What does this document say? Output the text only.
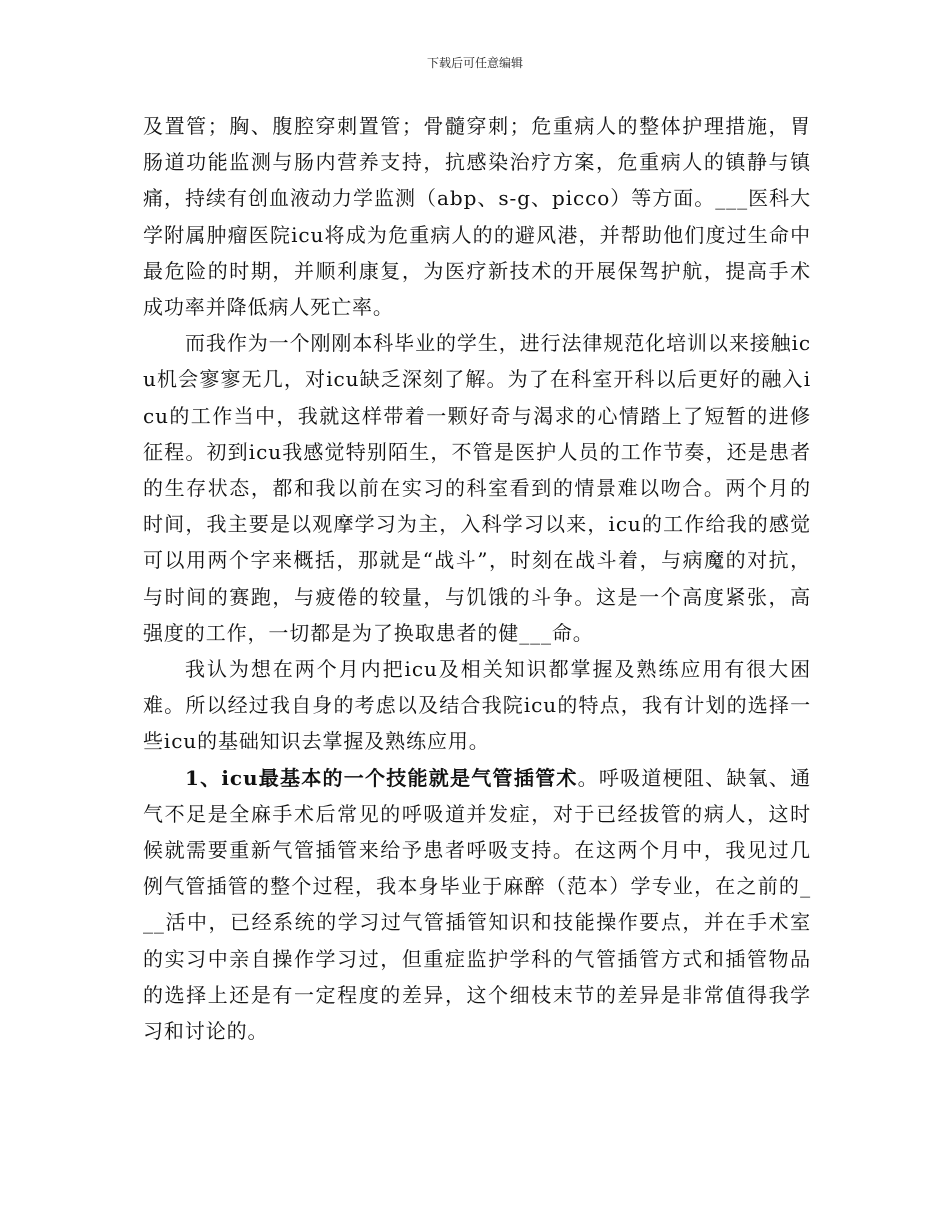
下载后可任意编辑

及置管；胸、腹腔穿刺置管；骨髓穿刺；危重病人的整体护理措施，胃肠道功能监测与肠内营养支持，抗感染治疗方案，危重病人的镇静与镇痛，持续有创血液动力学监测（abp、s-g、picco）等方面。___医科大学附属肿瘤医院icu将成为危重病人的的避风港，并帮助他们度过生命中最危险的时期，并顺利康复，为医疗新技术的开展保驾护航，提高手术成功率并降低病人死亡率。

而我作为一个刚刚本科毕业的学生，进行法律规范化培训以来接触icu机会寥寥无几，对icu缺乏深刻了解。为了在科室开科以后更好的融入icu的工作当中，我就这样带着一颗好奇与渴求的心情踏上了短暂的进修征程。初到icu我感觉特别陌生，不管是医护人员的工作节奏，还是患者的生存状态，都和我以前在实习的科室看到的情景难以吻合。两个月的时间，我主要是以观摩学习为主，入科学习以来，icu的工作给我的感觉可以用两个字来概括，那就是“战斗”，时刻在战斗着，与病魔的对抗，与时间的赛跑，与疲倦的较量，与饥饿的斗争。这是一个高度紧张，高强度的工作，一切都是为了换取患者的健___命。

我认为想在两个月内把icu及相关知识都掌握及熟练应用有很大困难。所以经过我自身的考虑以及结合我院icu的特点，我有计划的选择一些icu的基础知识去掌握及熟练应用。

1、icu最基本的一个技能就是气管插管术。呼吸道梗阻、缺氧、通气不足是全麻手术后常见的呼吸道并发症，对于已经拔管的病人，这时候就需要重新气管插管来给予患者呼吸支持。在这两个月中，我见过几例气管插管的整个过程，我本身毕业于麻醉（范本）学专业，在之前的___活中，已经系统的学习过气管插管知识和技能操作要点，并在手术室的实习中亲自操作学习过，但重症监护学科的气管插管方式和插管物品的选择上还是有一定程度的差异，这个细枝末节的差异是非常值得我学习和讨论的。
